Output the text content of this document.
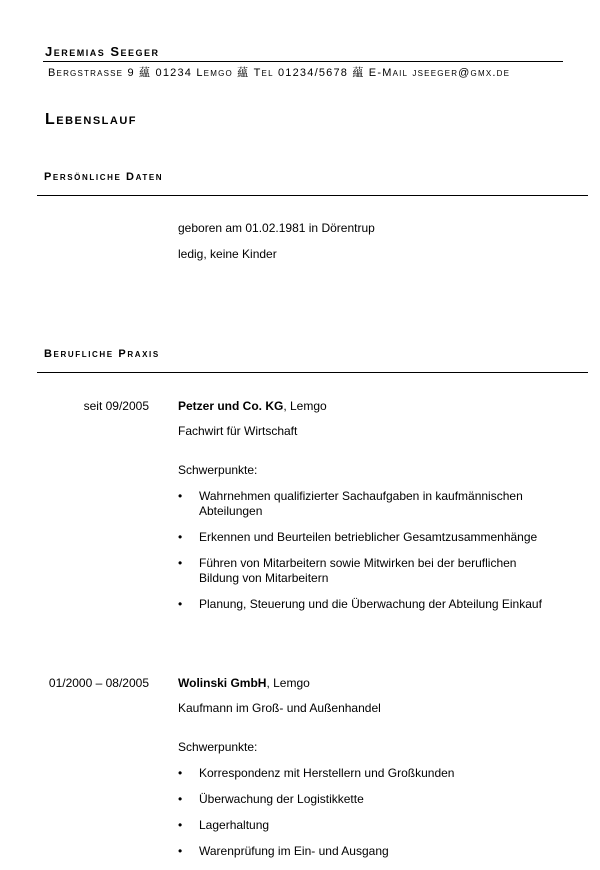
Jeremias Seeger
Bergstrasse 9 蘊 01234 Lemgo 蘊 Tel 01234/5678 蘊 E-Mail jseeger@gmx.de
Lebenslauf
Persönliche Daten
geboren am 01.02.1981 in Dörentrup
ledig, keine Kinder
Berufliche Praxis
seit 09/2005 Petzer und Co. KG, Lemgo
Fachwirt für Wirtschaft
Schwerpunkte:
• Wahrnehmen qualifizierter Sachaufgaben in kaufmännischen Abteilungen
• Erkennen und Beurteilen betrieblicher Gesamtzusammenhänge
• Führen von Mitarbeitern sowie Mitwirken bei der beruflichen Bildung von Mitarbeitern
• Planung, Steuerung und die Überwachung der Abteilung Einkauf
01/2000 – 08/2005 Wolinski GmbH, Lemgo
Kaufmann im Groß- und Außenhandel
Schwerpunkte:
• Korrespondenz mit Herstellern und Großkunden
• Überwachung der Logistikkette
• Lagerhaltung
• Warenprüfung im Ein- und Ausgang
